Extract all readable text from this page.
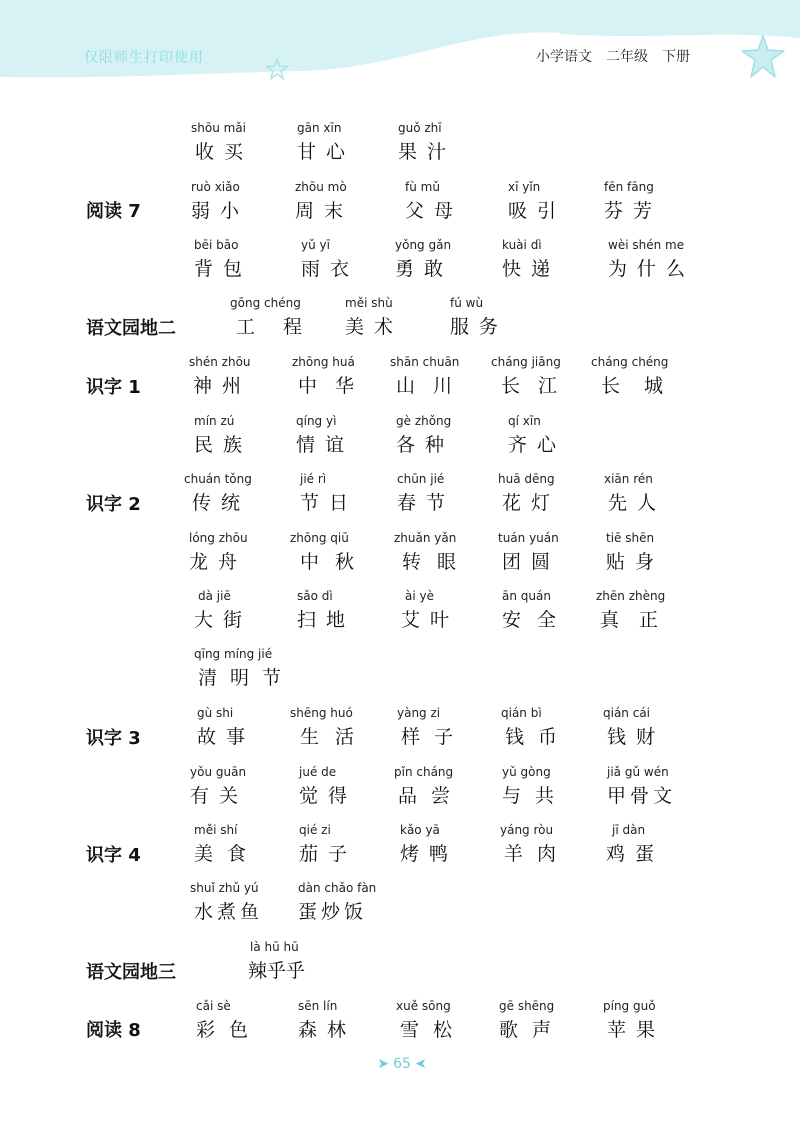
仅限师生打印使用	小学语文　二年级　下册
阅读 7
shōu mǎi
收买
gān xīn
甘心
guǒ zhī
果汁
ruò xiǎo
弱小
zhōu mò
周末
fù mǔ
父母
xī yǐn
吸引
fēn fāng
芬芳
bēi bāo
背包
yǔ yī
雨衣
yǒng gǎn
勇敢
kuài dì
快递
wèi shén me
为什么
语文园地二
gōng chéng
工程
měi shù
美术
fú wù
服务
识字 1
shén zhōu
神州
zhōng huá
中华
shān chuān
山川
cháng jiāng
长江
cháng chéng
长城
mín zú
民族
qíng yì
情谊
gè zhǒng
各种
qí xīn
齐心
识字 2
chuán tǒng
传统
jié rì
节日
chūn jié
春节
huā dēng
花灯
xiān rén
先人
lóng zhōu
龙舟
zhōng qiū
中秋
zhuǎn yǎn
转眼
tuán yuán
团圆
tiē shēn
贴身
dà jiē
大街
sǎo dì
扫地
ài yè
艾叶
ān quán
安全
zhēn zhèng
真正
qīng míng jié
清明节
识字 3
gù shi
故事
shēng huó
生活
yàng zi
样子
qián bì
钱币
qián cái
钱财
yǒu guān
有关
jué de
觉得
pǐn cháng
品尝
yǔ gòng
与共
jiǎ gǔ wén
甲骨文
识字 4
měi shí
美食
qié zi
茄子
kǎo yā
烤鸭
yáng ròu
羊肉
jī dàn
鸡蛋
shuǐ zhǔ yú
水煮鱼
dàn chǎo fàn
蛋炒饭
语文园地三
là hū hū
辣乎乎
阅读 8
cǎi sè
彩色
sēn lín
森林
xuě sōng
雪松
gē shēng
歌声
píng guǒ
苹果
➤ 65 ➤
